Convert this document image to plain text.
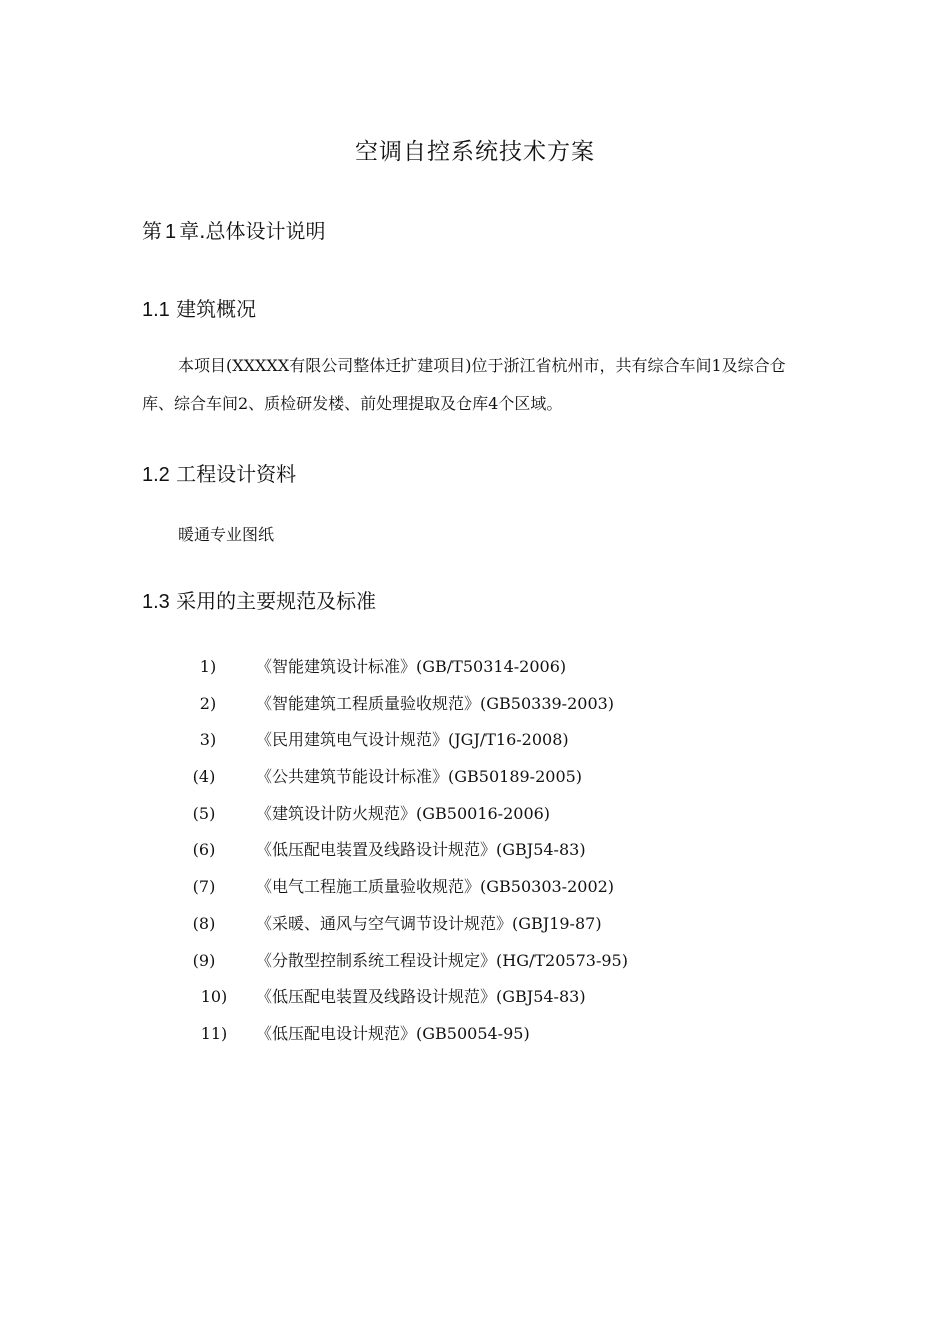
空调自控系统技术方案
第 1 章.总体设计说明
1.1 建筑概况
本项目(XXXXX有限公司整体迁扩建项目)位于浙江省杭州市，共有综合车间1及综合仓库、综合车间2、质检研发楼、前处理提取及仓库4个区域。
1.2 工程设计资料
暖通专业图纸
1.3 采用的主要规范及标准
1)	《智能建筑设计标准》(GB/T50314-2006)
2)	《智能建筑工程质量验收规范》(GB50339-2003)
3)	《民用建筑电气设计规范》(JGJ/T16-2008)
(4)	《公共建筑节能设计标准》(GB50189-2005)
(5)	《建筑设计防火规范》(GB50016-2006)
(6)	《低压配电装置及线路设计规范》(GBJ54-83)
(7)	《电气工程施工质量验收规范》(GB50303-2002)
(8)	《采暖、通风与空气调节设计规范》(GBJ19-87)
(9)	《分散型控制系统工程设计规定》(HG/T20573-95)
10)	《低压配电装置及线路设计规范》(GBJ54-83)
11)	《低压配电设计规范》(GB50054-95)
